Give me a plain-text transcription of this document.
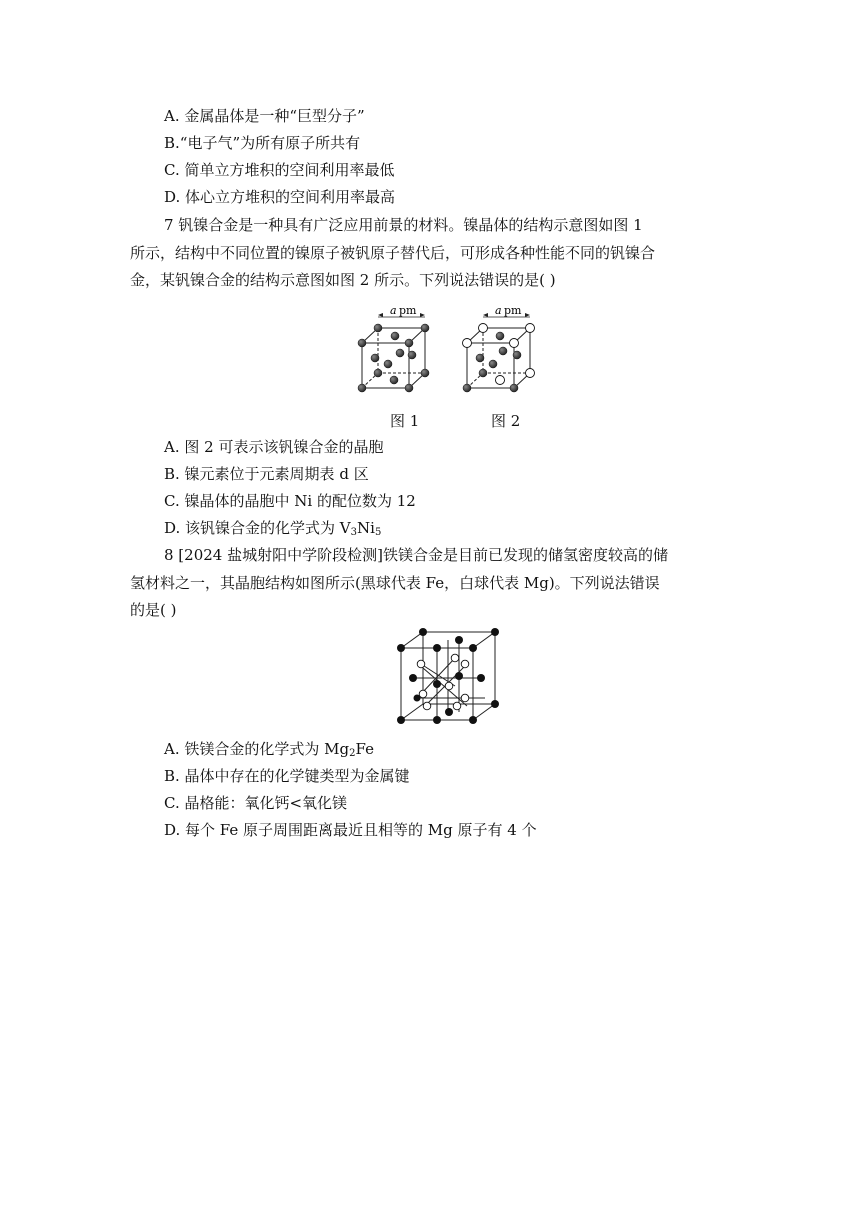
A. 金属晶体是一种“巨型分子”
B.“电子气”为所有原子所共有
C. 简单立方堆积的空间利用率最低
D. 体心立方堆积的空间利用率最高
7 钒镍合金是一种具有广泛应用前景的材料。镍晶体的结构示意图如图 1
所示，结构中不同位置的镍原子被钒原子替代后，可形成各种性能不同的钒镍合
金，某钒镍合金的结构示意图如图 2 所示。下列说法错误的是( )
a pm	a pm
图 1	图 2
A. 图 2 可表示该钒镍合金的晶胞
B. 镍元素位于元素周期表 d 区
C. 镍晶体的晶胞中 Ni 的配位数为 12
D. 该钒镍合金的化学式为 $V_3Ni_5$
8 [2024 盐城射阳中学阶段检测]铁镁合金是目前已发现的储氢密度较高的储
氢材料之一，其晶胞结构如图所示(黑球代表 Fe，白球代表 Mg)。下列说法错误
的是( )
A. 铁镁合金的化学式为 $Mg_2Fe$
B. 晶体中存在的化学键类型为金属键
C. 晶格能：氧化钙<氧化镁
D. 每个 Fe 原子周围距离最近且相等的 Mg 原子有 4 个
